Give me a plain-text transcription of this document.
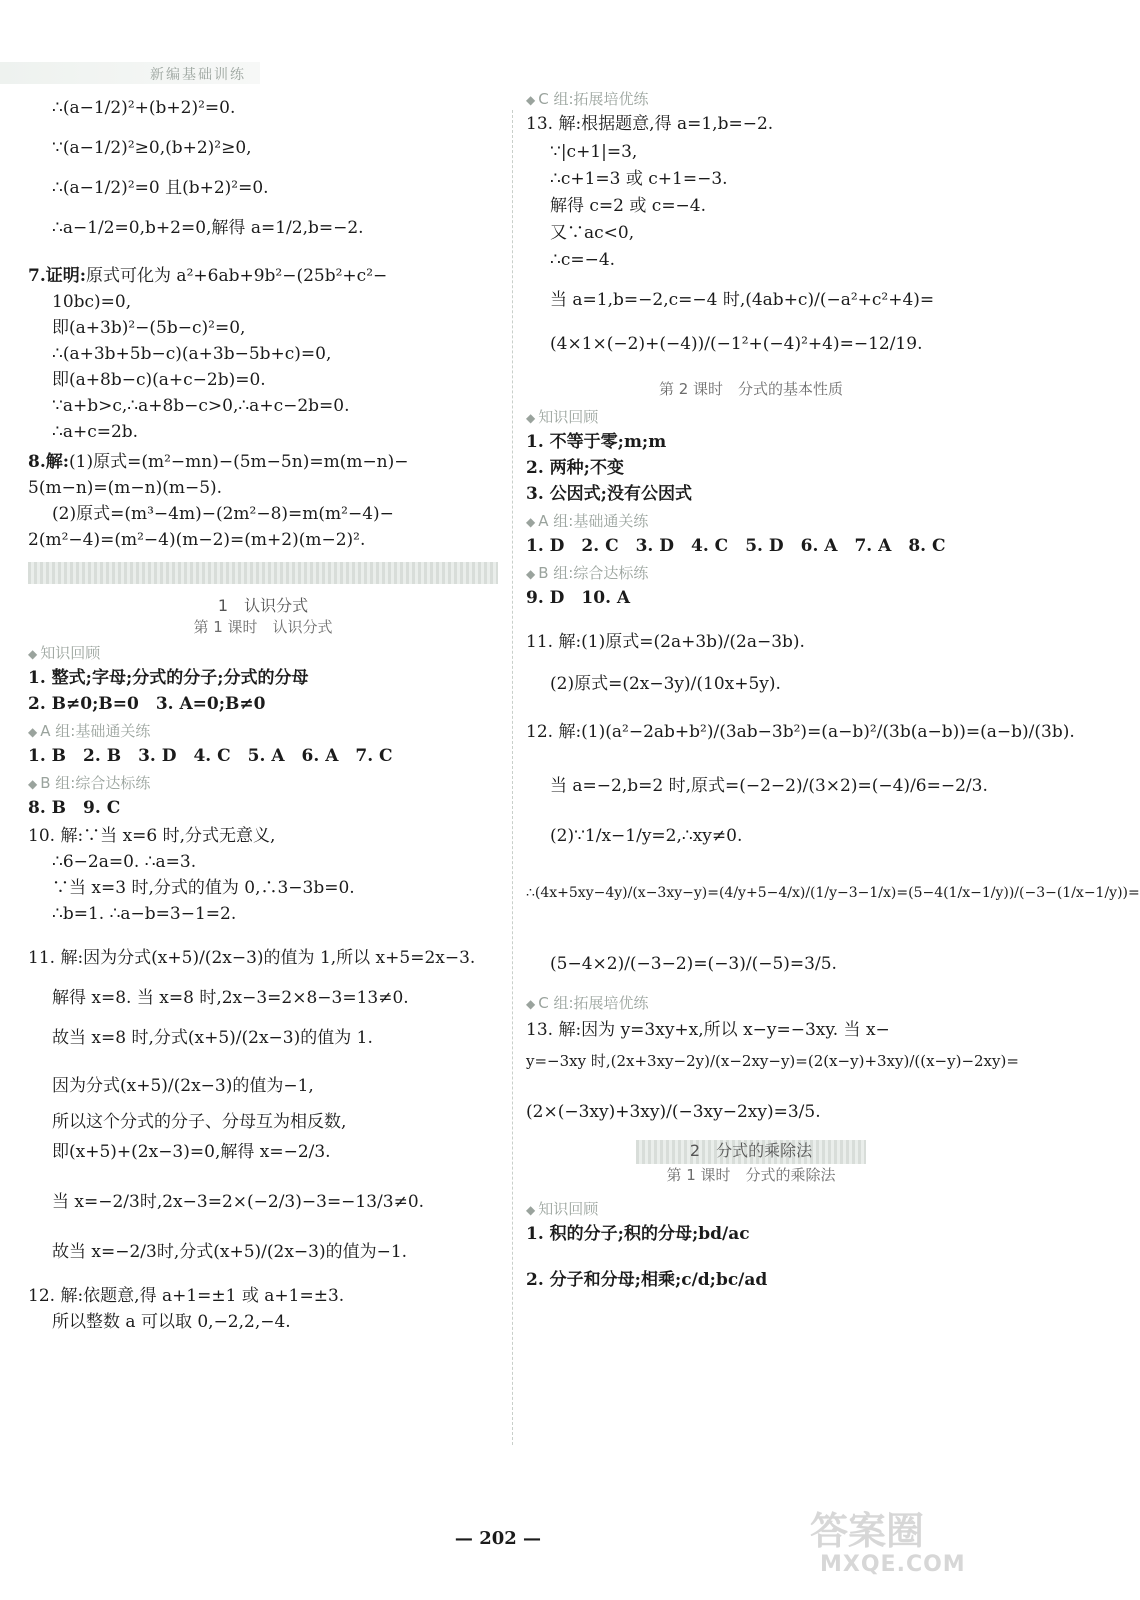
新编基础训练
∴(a−1/2)²+(b+2)²=0.
∵(a−1/2)²≥0,(b+2)²≥0,
∴(a−1/2)²=0 且(b+2)²=0.
∴a−1/2=0,b+2=0,解得 a=1/2,b=−2.
7.证明:原式可化为 a²+6ab+9b²−(25b²+c²−
10bc)=0,
即(a+3b)²−(5b−c)²=0,
∴(a+3b+5b−c)(a+3b−5b+c)=0,
即(a+8b−c)(a+c−2b)=0.
∵a+b>c,∴a+8b−c>0,∴a+c−2b=0.
∴a+c=2b.
8.解:(1)原式=(m²−mn)−(5m−5n)=m(m−n)−
5(m−n)=(m−n)(m−5).
(2)原式=(m³−4m)−(2m²−8)=m(m²−4)−
2(m²−4)=(m²−4)(m−2)=(m+2)(m−2)².
1　认识分式
第 1 课时　认识分式
◆ 知识回顾
1. 整式;字母;分式的分子;分式的分母
2. B≠0;B=0　3. A=0;B≠0
◆ A 组:基础通关练
1. B　2. B　3. D　4. C　5. A　6. A　7. C
◆ B 组:综合达标练
8. B　9. C
10. 解:∵当 x=6 时,分式无意义,
∴6−2a=0. ∴a=3.
∵当 x=3 时,分式的值为 0,∴3−3b=0.
∴b=1. ∴a−b=3−1=2.
11. 解:因为分式(x+5)/(2x−3)的值为 1,所以 x+5=2x−3.
解得 x=8. 当 x=8 时,2x−3=2×8−3=13≠0.
故当 x=8 时,分式(x+5)/(2x−3)的值为 1.
因为分式(x+5)/(2x−3)的值为−1,
所以这个分式的分子、分母互为相反数,
即(x+5)+(2x−3)=0,解得 x=−2/3.
当 x=−2/3时,2x−3=2×(−2/3)−3=−13/3≠0.
故当 x=−2/3时,分式(x+5)/(2x−3)的值为−1.
12. 解:依题意,得 a+1=±1 或 a+1=±3.
所以整数 a 可以取 0,−2,2,−4.
◆ C 组:拓展培优练
13. 解:根据题意,得 a=1,b=−2.
∵|c+1|=3,
∴c+1=3 或 c+1=−3.
解得 c=2 或 c=−4.
又∵ac<0,
∴c=−4.
当 a=1,b=−2,c=−4 时,(4ab+c)/(−a²+c²+4)=
(4×1×(−2)+(−4))/(−1²+(−4)²+4)=−12/19.
第 2 课时　分式的基本性质
◆ 知识回顾
1. 不等于零;m;m
2. 两种;不变
3. 公因式;没有公因式
◆ A 组:基础通关练
1. D　2. C　3. D　4. C　5. D　6. A　7. A　8. C
◆ B 组:综合达标练
9. D　10. A
11. 解:(1)原式=(2a+3b)/(2a−3b).
(2)原式=(2x−3y)/(10x+5y).
12. 解:(1)(a²−2ab+b²)/(3ab−3b²)=(a−b)²/(3b(a−b))=(a−b)/(3b).
当 a=−2,b=2 时,原式=(−2−2)/(3×2)=(−4)/6=−2/3.
(2)∵1/x−1/y=2,∴xy≠0.
∴(4x+5xy−4y)/(x−3xy−y)=(4/y+5−4/x)/(1/y−3−1/x)=(5−4(1/x−1/y))/(−3−(1/x−1/y))=
(5−4×2)/(−3−2)=(−3)/(−5)=3/5.
◆ C 组:拓展培优练
13. 解:因为 y=3xy+x,所以 x−y=−3xy. 当 x−
y=−3xy 时,(2x+3xy−2y)/(x−2xy−y)=(2(x−y)+3xy)/((x−y)−2xy)=
(2×(−3xy)+3xy)/(−3xy−2xy)=3/5.
2　分式的乘除法
第 1 课时　分式的乘除法
◆ 知识回顾
1. 积的分子;积的分母;bd/ac
2. 分子和分母;相乘;c/d;bc/ad
— 202 —	答案圈
MXQE.COM
